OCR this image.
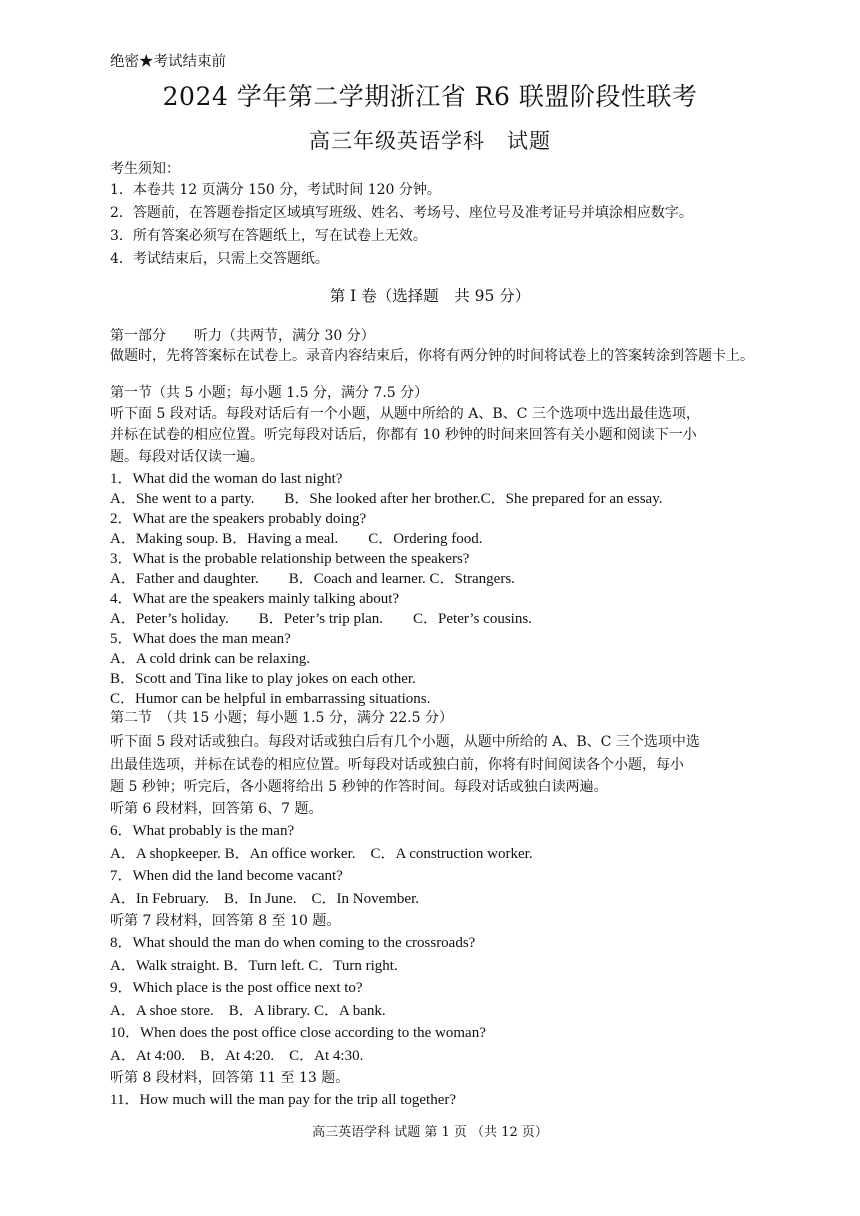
绝密★考试结束前
2024 学年第二学期浙江省 R6 联盟阶段性联考
高三年级英语学科 试题
考生须知：
1．本卷共 12 页满分 150 分，考试时间 120 分钟。
2．答题前，在答题卷指定区域填写班级、姓名、考场号、座位号及准考证号并填涂相应数字。
3．所有答案必须写在答题纸上，写在试卷上无效。
4．考试结束后，只需上交答题纸。
第 I 卷（选择题　共 95 分）
第一部分　　听力（共两节，满分 30 分）
做题时，先将答案标在试卷上。录音内容结束后，你将有两分钟的时间将试卷上的答案转涂到答题卡上。
第一节（共 5 小题；每小题 1.5 分，满分 7.5 分）
听下面 5 段对话。每段对话后有一个小题，从题中所给的 A、B、C 三个选项中选出最佳选项，
并标在试卷的相应位置。听完每段对话后，你都有 10 秒钟的时间来回答有关小题和阅读下一小
题。每段对话仅读一遍。
1．What did the woman do last night?
A．She went to a party.　　B．She looked after her brother.C．She prepared for an essay.
2．What are the speakers probably doing?
A．Making soup. B．Having a meal.　　C．Ordering food.
3．What is the probable relationship between the speakers?
A．Father and daughter.　　B．Coach and learner. C．Strangers.
4．What are the speakers mainly talking about?
A．Peter’s holiday.　　B．Peter’s trip plan.　　C．Peter’s cousins.
5．What does the man mean?
A．A cold drink can be relaxing.
B．Scott and Tina like to play jokes on each other.
C．Humor can be helpful in embarrassing situations.
第二节　（共 15 小题；每小题 1.5 分，满分 22.5 分）
听下面 5 段对话或独白。每段对话或独白后有几个小题，从题中所给的 A、B、C 三个选项中选
出最佳选项，并标在试卷的相应位置。听每段对话或独白前，你将有时间阅读各个小题，每小
题 5 秒钟；听完后，各小题将给出 5 秒钟的作答时间。每段对话或独白读两遍。
听第 6 段材料，回答第 6、7 题。
6．What probably is the man?
A．A shopkeeper. B．An office worker.　C．A construction worker.
7．When did the land become vacant?
A．In February.　B．In June.　C．In November.
听第 7 段材料，回答第 8 至 10 题。
8．What should the man do when coming to the crossroads?
A．Walk straight. B．Turn left. C．Turn right.
9．Which place is the post office next to?
A．A shoe store.　B．A library. C．A bank.
10．When does the post office close according to the woman?
A．At 4:00.　B．At 4:20.　C．At 4:30.
听第 8 段材料，回答第 11 至 13 题。
11．How much will the man pay for the trip all together?
高三英语学科 试题 第 1 页 （共 12 页）
